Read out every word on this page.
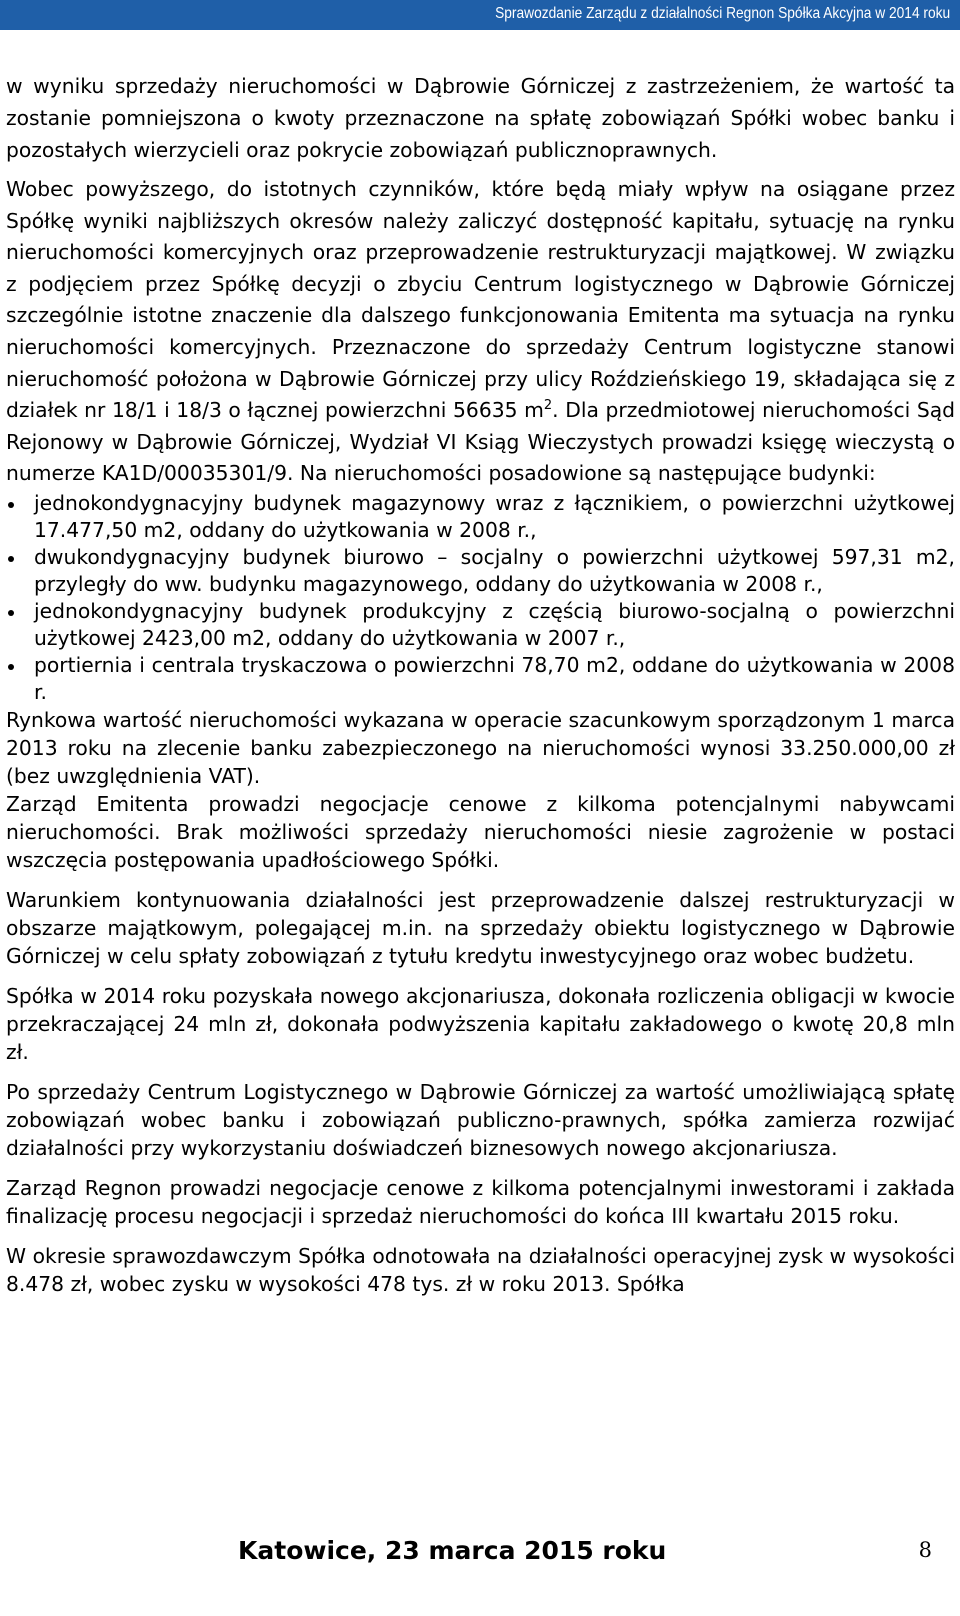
Sprawozdanie Zarządu z działalności Regnon Spółka Akcyjna w 2014 roku

w wyniku sprzedaży nieruchomości w Dąbrowie Górniczej z zastrzeżeniem, że wartość ta zostanie pomniejszona o kwoty przeznaczone na spłatę zobowiązań Spółki wobec banku i pozostałych wierzycieli oraz pokrycie zobowiązań publicznoprawnych.

Wobec powyższego, do istotnych czynników, które będą miały wpływ na osiągane przez Spółkę wyniki najbliższych okresów należy zaliczyć dostępność kapitału, sytuację na rynku nieruchomości komercyjnych oraz przeprowadzenie restrukturyzacji majątkowej. W związku z podjęciem przez Spółkę decyzji o zbyciu Centrum logistycznego w Dąbrowie Górniczej szczególnie istotne znaczenie dla dalszego funkcjonowania Emitenta ma sytuacja na rynku nieruchomości komercyjnych. Przeznaczone do sprzedaży Centrum logistyczne stanowi nieruchomość położona w Dąbrowie Górniczej przy ulicy Roździeńskiego 19, składająca się z działek nr 18/1 i 18/3 o łącznej powierzchni 56635 $m^2$. Dla przedmiotowej nieruchomości Sąd Rejonowy w Dąbrowie Górniczej, Wydział VI Ksiąg Wieczystych prowadzi księgę wieczystą o numerze KA1D/00035301/9. Na nieruchomości posadowione są następujące budynki:

jednokondygnacyjny budynek magazynowy wraz z łącznikiem, o powierzchni użytkowej 17.477,50 m2, oddany do użytkowania w 2008 r.,
dwukondygnacyjny budynek biurowo – socjalny o powierzchni użytkowej 597,31 m2, przyległy do ww. budynku magazynowego, oddany do użytkowania w 2008 r.,
jednokondygnacyjny budynek produkcyjny z częścią biurowo-socjalną o powierzchni użytkowej 2423,00 m2, oddany do użytkowania w 2007 r.,
portiernia i centrala tryskaczowa o powierzchni 78,70 m2, oddane do użytkowania w 2008 r.

Rynkowa wartość nieruchomości wykazana w operacie szacunkowym sporządzonym 1 marca 2013 roku na zlecenie banku zabezpieczonego na nieruchomości wynosi 33.250.000,00 zł (bez uwzględnienia VAT).

Zarząd Emitenta prowadzi negocjacje cenowe z kilkoma potencjalnymi nabywcami nieruchomości. Brak możliwości sprzedaży nieruchomości niesie zagrożenie w postaci wszczęcia postępowania upadłościowego Spółki.

Warunkiem kontynuowania działalności jest przeprowadzenie dalszej restrukturyzacji w obszarze majątkowym, polegającej m.in. na sprzedaży obiektu logistycznego w Dąbrowie Górniczej w celu spłaty zobowiązań z tytułu kredytu inwestycyjnego oraz wobec budżetu.

Spółka w 2014 roku pozyskała nowego akcjonariusza, dokonała rozliczenia obligacji w kwocie przekraczającej 24 mln zł, dokonała podwyższenia kapitału zakładowego o kwotę 20,8 mln zł.

Po sprzedaży Centrum Logistycznego w Dąbrowie Górniczej za wartość umożliwiającą spłatę zobowiązań wobec banku i zobowiązań publiczno-prawnych, spółka zamierza rozwijać działalności przy wykorzystaniu doświadczeń biznesowych nowego akcjonariusza.

Zarząd Regnon prowadzi negocjacje cenowe z kilkoma potencjalnymi inwestorami i zakłada finalizację procesu negocjacji i sprzedaż nieruchomości do końca III kwartału 2015 roku.

W okresie sprawozdawczym Spółka odnotowała na działalności operacyjnej zysk w wysokości 8.478 zł, wobec zysku w wysokości 478 tys. zł w roku 2013. Spółka

Katowice, 23 marca 2015 roku	8
